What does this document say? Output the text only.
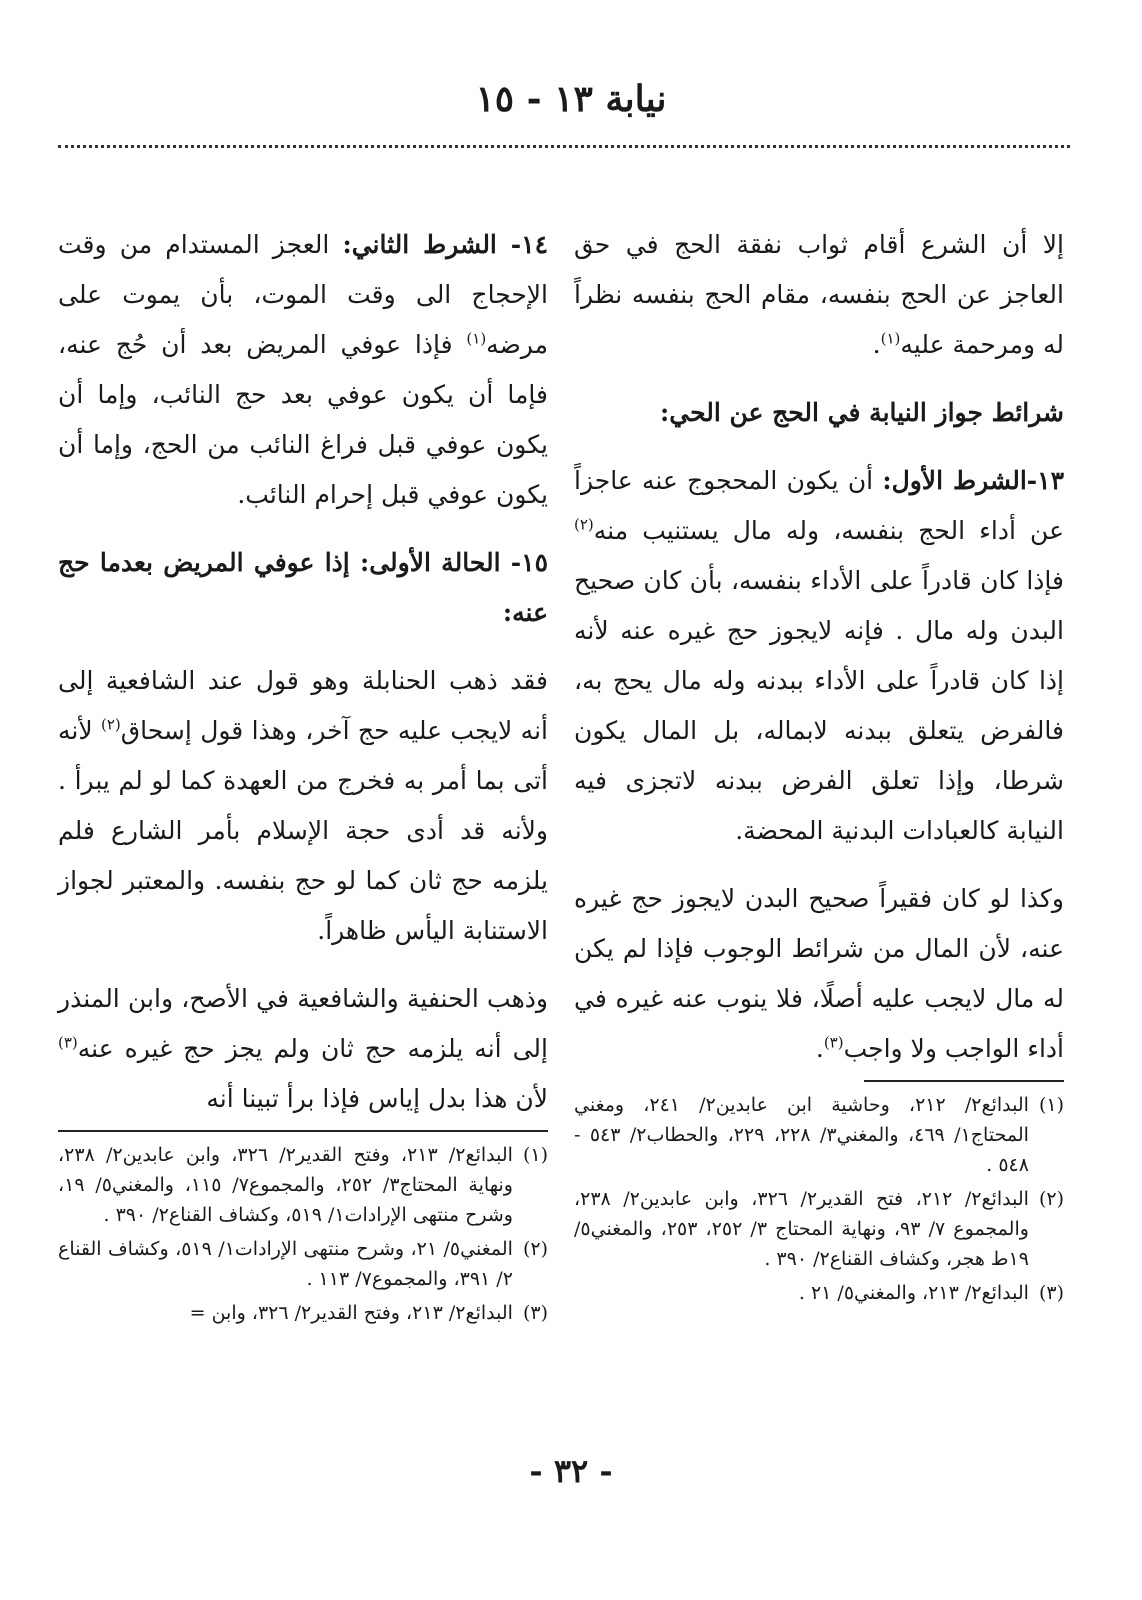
نيابة ١٣ - ١٥

إلا أن الشرع أقام ثواب نفقة الحج في حق العاجز عن الحج بنفسه، مقام الحج بنفسه نظراً له ومرحمة عليه$^{(١)}$.

شرائط جواز النيابة في الحج عن الحي:

١٣-الشرط الأول: أن يكون المحجوج عنه عاجزاً عن أداء الحج بنفسه، وله مال يستنيب منه$^{(٢)}$ فإذا كان قادراً على الأداء بنفسه، بأن كان صحيح البدن وله مال . فإنه لايجوز حج غيره عنه لأنه إذا كان قادراً على الأداء ببدنه وله مال يحج به، فالفرض يتعلق ببدنه لابماله، بل المال يكون شرطا، وإذا تعلق الفرض ببدنه لاتجزى فيه النيابة كالعبادات البدنية المحضة.

وكذا لو كان فقيراً صحيح البدن لايجوز حج غيره عنه، لأن المال من شرائط الوجوب فإذا لم يكن له مال لايجب عليه أصلًا، فلا ينوب عنه غيره في أداء الواجب ولا واجب$^{(٣)}$.

(١)
البدائع٢/ ٢١٢، وحاشية ابن عابدين٢/ ٢٤١، ومغني المحتاج١/ ٤٦٩، والمغني٣/ ٢٢٨، ٢٢٩، والحطاب٢/ ٥٤٣ - ٥٤٨ .
(٢)
البدائع٢/ ٢١٢، فتح القدير٢/ ٣٢٦، وابن عابدين٢/ ٢٣٨، والمجموع ٧/ ٩٣، ونهاية المحتاج ٣/ ٢٥٢، ٢٥٣، والمغني٥/ ١٩ط هجر، وكشاف القناع٢/ ٣٩٠ .
(٣)
البدائع٢/ ٢١٣، والمغني٥/ ٢١ .

١٤- الشرط الثاني: العجز المستدام من وقت الإحجاج الى وقت الموت، بأن يموت على مرضه$^{(١)}$ فإذا عوفي المريض بعد أن حُج عنه، فإما أن يكون عوفي بعد حج النائب، وإما أن يكون عوفي قبل فراغ النائب من الحج، وإما أن يكون عوفي قبل إحرام النائب.

١٥- الحالة الأولى: إذا عوفي المريض بعدما حج عنه:

فقد ذهب الحنابلة وهو قول عند الشافعية إلى أنه لايجب عليه حج آخر، وهذا قول إسحاق$^{(٢)}$ لأنه أتى بما أمر به فخرج من العهدة كما لو لم يبرأ . ولأنه قد أدى حجة الإسلام بأمر الشارع فلم يلزمه حج ثان كما لو حج بنفسه. والمعتبر لجواز الاستنابة اليأس ظاهراً.

وذهب الحنفية والشافعية في الأصح، وابن المنذر إلى أنه يلزمه حج ثان ولم يجز حج غيره عنه$^{(٣)}$ لأن هذا بدل إياس فإذا برأ تبينا أنه

(١)
البدائع٢/ ٢١٣، وفتح القدير٢/ ٣٢٦، وابن عابدين٢/ ٢٣٨، ونهاية المحتاج٣/ ٢٥٢، والمجموع٧/ ١١٥، والمغني٥/ ١٩، وشرح منتهى الإرادات١/ ٥١٩، وكشاف القناع٢/ ٣٩٠ .
(٢)
المغني٥/ ٢١، وشرح منتهى الإرادات١/ ٥١٩، وكشاف القناع ٢/ ٣٩١، والمجموع٧/ ١١٣ .
(٣)
البدائع٢/ ٢١٣، وفتح القدير٢/ ٣٢٦، وابن =
- ٣٢ -
